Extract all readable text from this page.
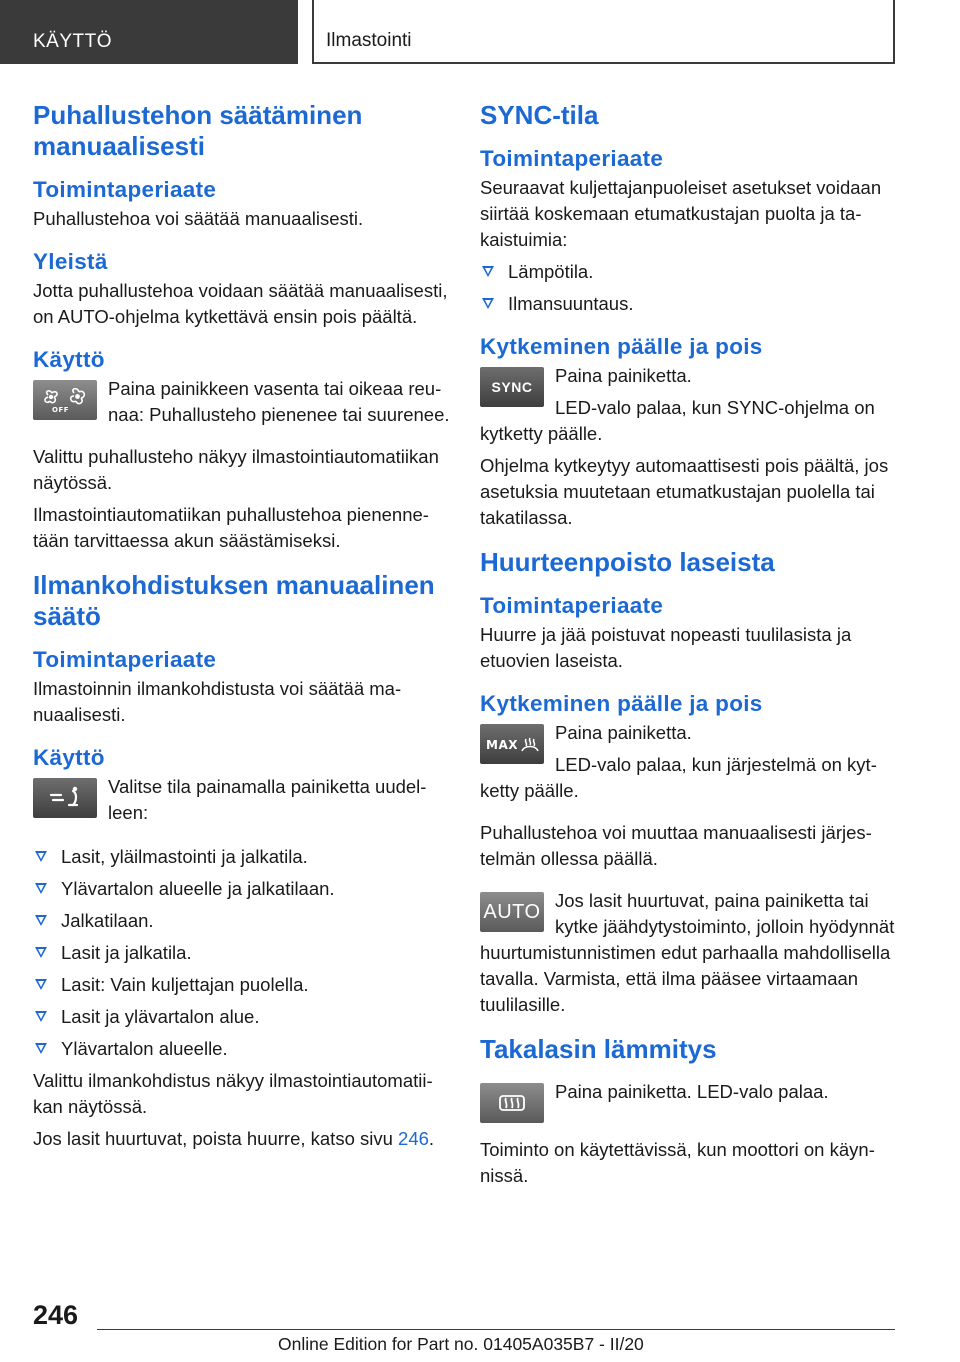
KÄYTTÖ	Ilmastointi
Puhallustehon säätäminen manuaalisesti
Toimintaperiaate

Puhallustehoa voi säätää manuaalisesti.

Yleistä

Jotta puhallustehoa voidaan säätää manuaalisesti, on AUTO-ohjelma kytkettävä ensin pois päältä.

Käyttö
OFF

Paina painikkeen vasenta tai oikeaa reunaa: Puhallusteho pienenee tai suurenee.

Valittu puhallusteho näkyy ilmastointiautomatiikan näytössä.

Ilmastointiautomatiikan puhallustehoa pienennetään tarvittaessa akun säästämiseksi.

Ilmankohdistuksen manuaalinen säätö
Toimintaperiaate

Ilmastoinnin ilmankohdistusta voi säätää manuaalisesti.

Käyttö

Valitse tila painamalla painiketta uudelleen:

Lasit, yläilmastointi ja jalkatila.
Ylävartalon alueelle ja jalkatilaan.
Jalkatilaan.
Lasit ja jalkatila.
Lasit: Vain kuljettajan puolella.
Lasit ja ylävartalon alue.
Ylävartalon alueelle.

Valittu ilmankohdistus näkyy ilmastointiautomatiikan näytössä.

Jos lasit huurtuvat, poista huurre, katso sivu 246.

SYNC-tila
Toimintaperiaate

Seuraavat kuljettajanpuoleiset asetukset voidaan siirtää koskemaan etumatkustajan puolta ja takaistuimia:

Lämpötila.
Ilmansuuntaus.
Kytkeminen päälle ja pois
SYNC

Paina painiketta.

LED-valo palaa, kun SYNC-ohjelma on kytketty päälle.

Ohjelma kytkeytyy automaattisesti pois päältä, jos asetuksia muutetaan etumatkustajan puolella tai takatilassa.

Huurteenpoisto laseista
Toimintaperiaate

Huurre ja jää poistuvat nopeasti tuulilasista ja etuovien laseista.

Kytkeminen päälle ja pois
MAX

Paina painiketta.

LED-valo palaa, kun järjestelmä on kytketty päälle.

Puhallustehoa voi muuttaa manuaalisesti järjestelmän ollessa päällä.

AUTO Jos lasit huurtuvat, paina painiketta tai kytke jäähdytystoiminto, jolloin hyödynnät huurtumistunnistimen edut parhaalla mahdollisella tavalla. Varmista, että ilma pääsee virtaamaan tuulilasille.

Takalasin lämmitys

Paina painiketta. LED-valo palaa.

Toiminto on käytettävissä, kun moottori on käynnissä.

246
Online Edition for Part no. 01405A035B7 - II/20
